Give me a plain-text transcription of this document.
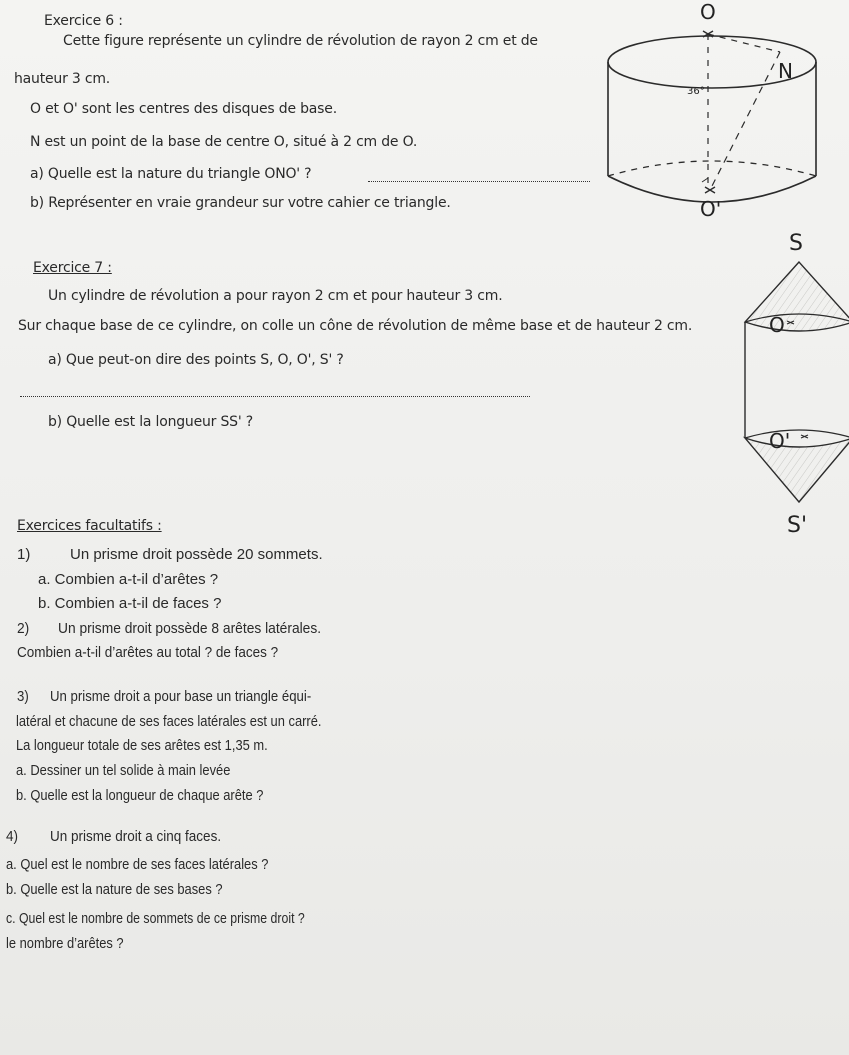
Exercice 6 :
Cette figure représente un cylindre de révolution de rayon 2 cm et de
hauteur 3 cm.
O et O' sont les centres des disques de base.
N est un point de la base de centre O, situé à 2 cm de O.
a) Quelle est la nature du triangle ONO' ?
b) Représenter en vraie grandeur sur votre cahier ce triangle.
O
N
36°
O'
Exercice 7 :
Un cylindre de révolution a pour rayon 2 cm et pour hauteur 3 cm.
Sur chaque base de ce cylindre, on colle un cône de révolution de même base et de hauteur 2 cm.
a) Que peut-on dire des points S, O, O', S' ?
b) Quelle est la longueur SS' ?
S
O
O'
S'
Exercices facultatifs :
1)	Un prisme droit possède 20 sommets.
a. Combien a-t-il d’arêtes ?
b. Combien a-t-il de faces ?
2) Un prisme droit possède 8 arêtes latérales.
Combien a-t-il d’arêtes au total ? de faces ?
3) Un prisme droit a pour base un triangle équi-
latéral et chacune de ses faces latérales est un carré.
La longueur totale de ses arêtes est 1,35 m.
a. Dessiner un tel solide à main levée
b. Quelle est la longueur de chaque arête ?
4) Un prisme droit a cinq faces.
a. Quel est le nombre de ses faces latérales ?
b. Quelle est la nature de ses bases ?
c. Quel est le nombre de sommets de ce prisme droit ?
le nombre d’arêtes ?
